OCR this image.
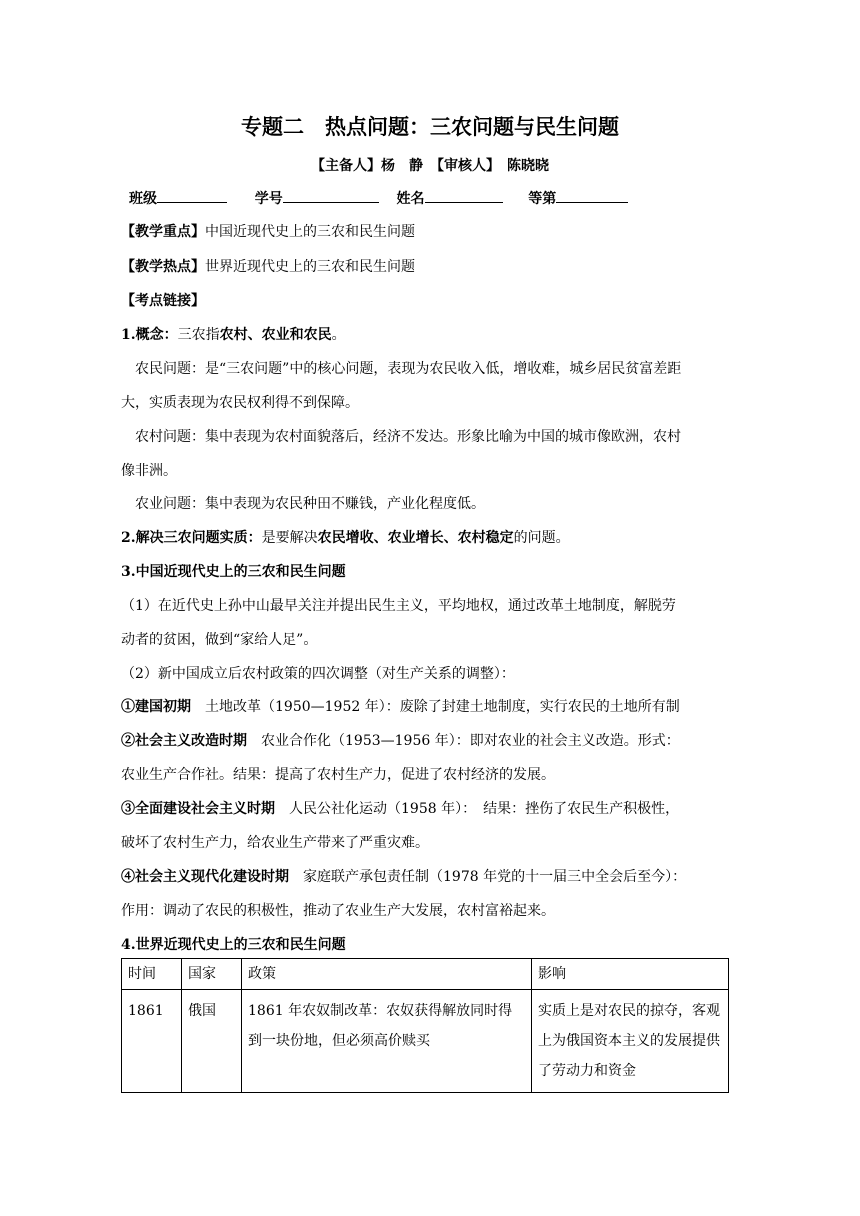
专题二　热点问题：三农问题与民生问题
【主备人】杨　静　【审核人】　陈晓晓
班级	学号	姓名	等第
【教学重点】中国近现代史上的三农和民生问题
【教学热点】世界近现代史上的三农和民生问题
【考点链接】
1.概念：三农指农村、农业和农民。
农民问题：是“三农问题”中的核心问题，表现为农民收入低，增收难，城乡居民贫富差距
大，实质表现为农民权利得不到保障。
农村问题：集中表现为农村面貌落后，经济不发达。形象比喻为中国的城市像欧洲，农村
像非洲。
农业问题：集中表现为农民种田不赚钱，产业化程度低。
2.解决三农问题实质：是要解决农民增收、农业增长、农村稳定的问题。
3.中国近现代史上的三农和民生问题
（1）在近代史上孙中山最早关注并提出民生主义，平均地权，通过改革土地制度，解脱劳
动者的贫困，做到“家给人足”。
（2）新中国成立后农村政策的四次调整（对生产关系的调整）：
①建国初期　土地改革（1950—1952 年）：废除了封建土地制度，实行农民的土地所有制
②社会主义改造时期　农业合作化（1953—1956 年）：即对农业的社会主义改造。形式：
农业生产合作社。结果：提高了农村生产力，促进了农村经济的发展。
③全面建设社会主义时期　人民公社化运动（1958 年）：　结果：挫伤了农民生产积极性，
破坏了农村生产力，给农业生产带来了严重灾难。
④社会主义现代化建设时期　家庭联产承包责任制（1978 年党的十一届三中全会后至今）：
作用：调动了农民的积极性，推动了农业生产大发展，农村富裕起来。
4.世界近现代史上的三农和民生问题
时间	国家	政策	影响
1861	俄国	1861 年农奴制改革：农奴获得解放同时得到一块份地，但必须高价赎买	实质上是对农民的掠夺，客观上为俄国资本主义的发展提供了劳动力和资金
